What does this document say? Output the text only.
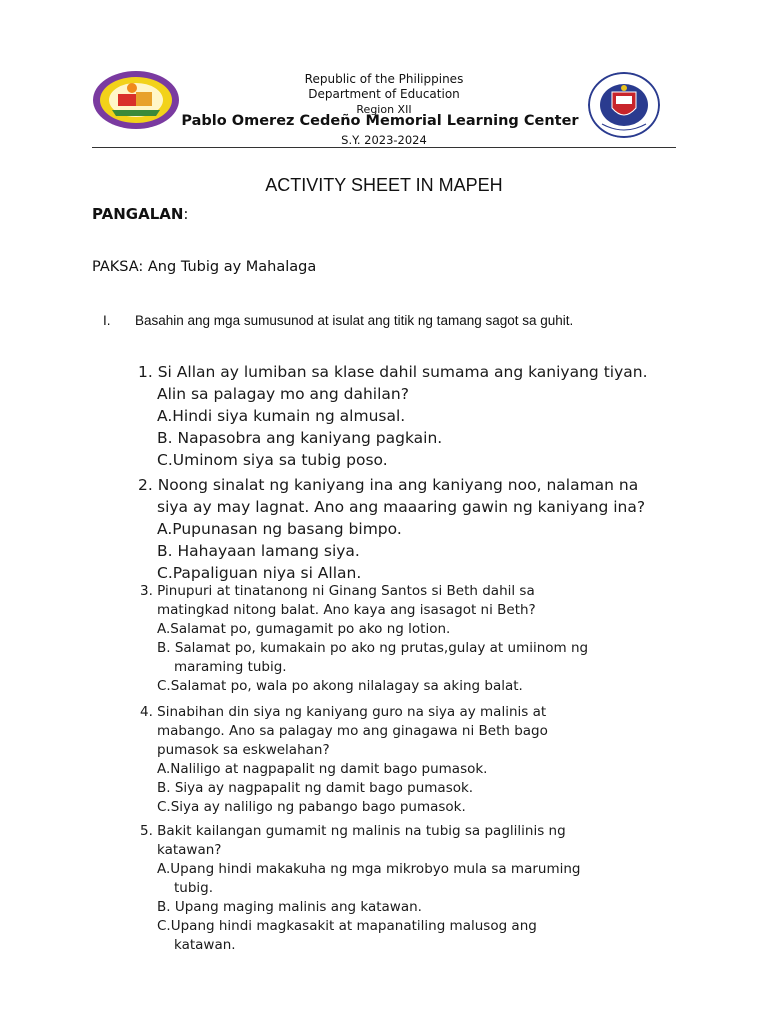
Republic of the Philippines
Department of Education
Region XII
Pablo Omerez Cedeño Memorial Learning Center
S.Y. 2023-2024
ACTIVITY SHEET IN MAPEH
PANGALAN:
PAKSA: Ang Tubig ay Mahalaga
I. Basahin ang mga sumusunod at isulat ang titik ng tamang sagot sa guhit.
1. Si Allan ay lumiban sa klase dahil sumama ang kaniyang tiyan.
Alin sa palagay mo ang dahilan?
A.Hindi siya kumain ng almusal.
B. Napasobra ang kaniyang pagkain.
C.Uminom siya sa tubig poso.
2. Noong sinalat ng kaniyang ina ang kaniyang noo, nalaman na
siya ay may lagnat. Ano ang maaaring gawin ng kaniyang ina?
A.Pupunasan ng basang bimpo.
B. Hahayaan lamang siya.
C.Papaliguan niya si Allan.
3. Pinupuri at tinatanong ni Ginang Santos si Beth dahil sa
matingkad nitong balat. Ano kaya ang isasagot ni Beth?
A.Salamat po, gumagamit po ako ng lotion.
B. Salamat po, kumakain po ako ng prutas,gulay at umiinom ng
maraming tubig.
C.Salamat po, wala po akong nilalagay sa aking balat.
4. Sinabihan din siya ng kaniyang guro na siya ay malinis at
mabango. Ano sa palagay mo ang ginagawa ni Beth bago
pumasok sa eskwelahan?
A.Naliligo at nagpapalit ng damit bago pumasok.
B. Siya ay nagpapalit ng damit bago pumasok.
C.Siya ay naliligo ng pabango bago pumasok.
5. Bakit kailangan gumamit ng malinis na tubig sa paglilinis ng
katawan?
A.Upang hindi makakuha ng mga mikrobyo mula sa maruming
tubig.
B. Upang maging malinis ang katawan.
C.Upang hindi magkasakit at mapanatiling malusog ang
katawan.
